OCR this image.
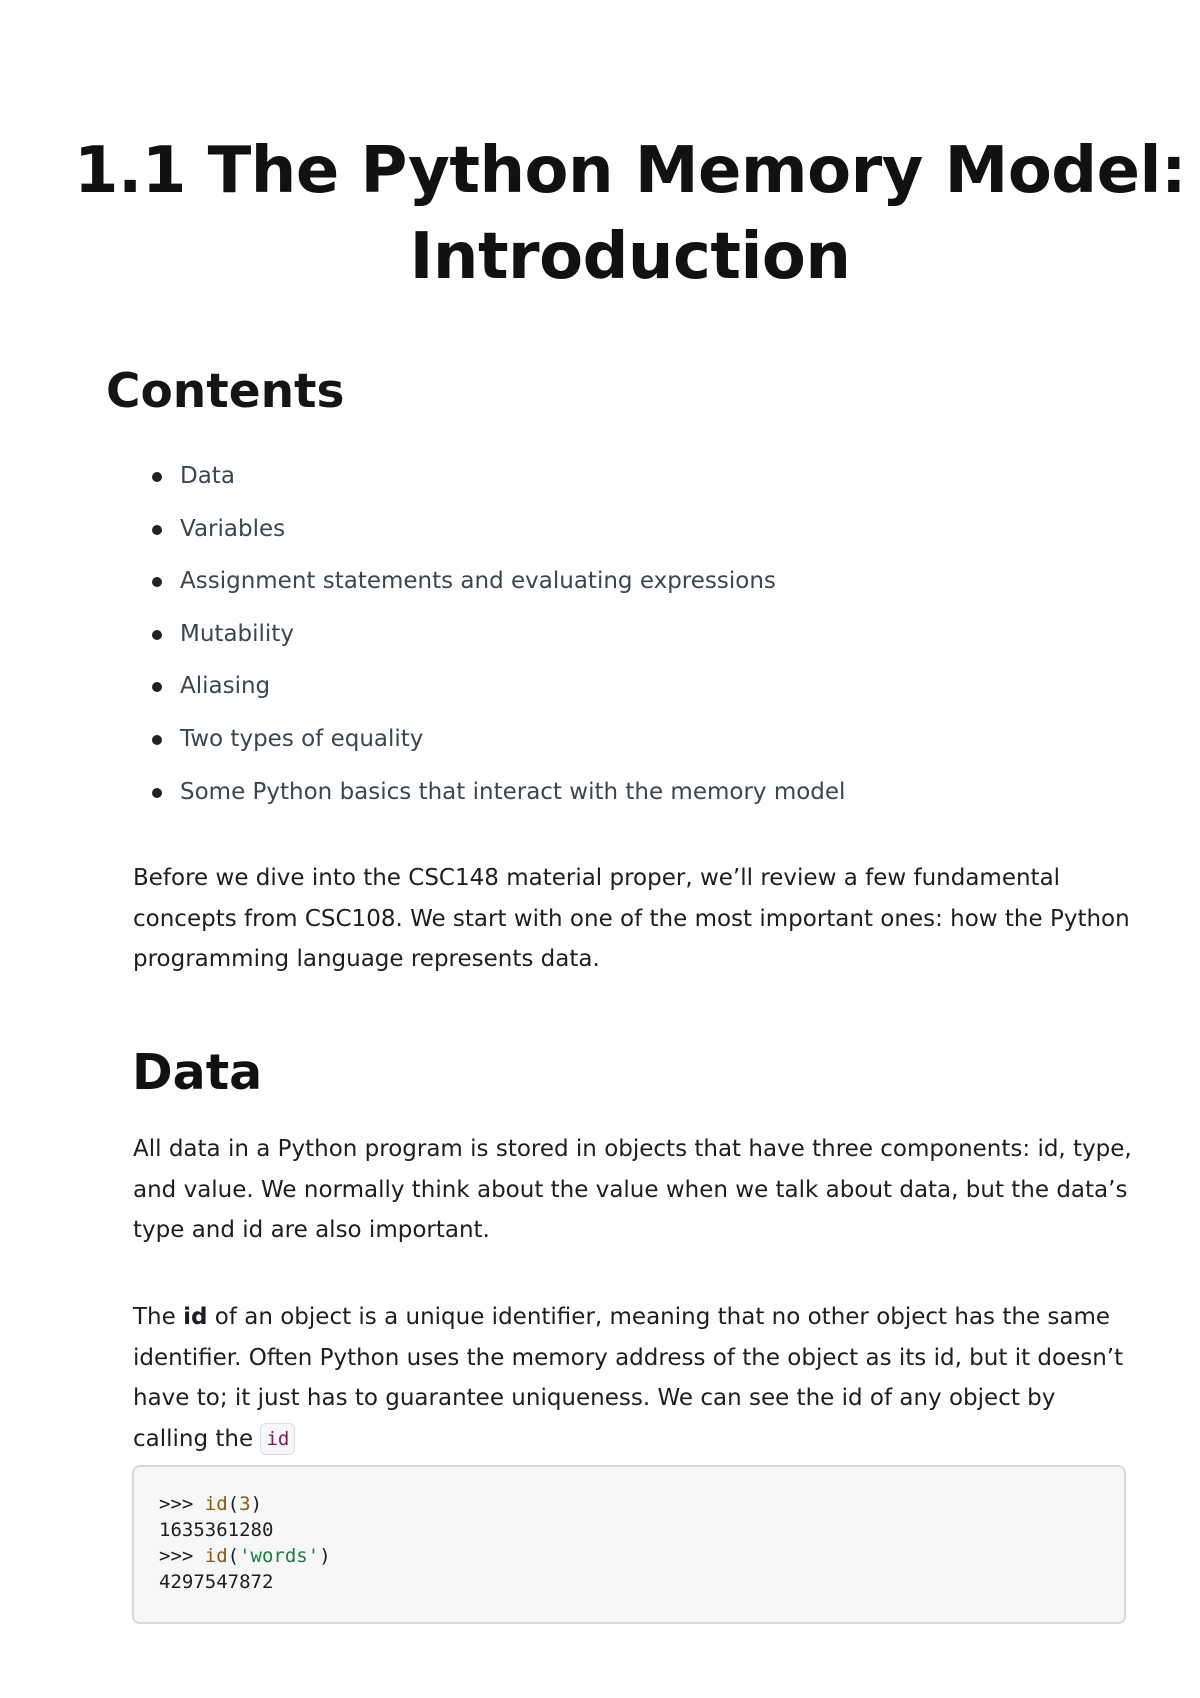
1.1 The Python Memory Model:
Introduction
Contents
Data
Variables
Assignment statements and evaluating expressions
Mutability
Aliasing
Two types of equality
Some Python basics that interact with the memory model

Before we dive into the CSC148 material proper, we’ll review a few fundamental concepts from CSC108. We start with one of the most important ones: how the Python programming language represents data.

Data

All data in a Python program is stored in objects that have three components: id, type, and value. We normally think about the value when we talk about data, but the data’s type and id are also important.

The id of an object is a unique identifier, meaning that no other object has the same identifier. Often Python uses the memory address of the object as its id, but it doesn’t have to; it just has to guarantee uniqueness. We can see the id of any object by calling the id

>>> id(3)
1635361280
>>> id('words')
4297547872
